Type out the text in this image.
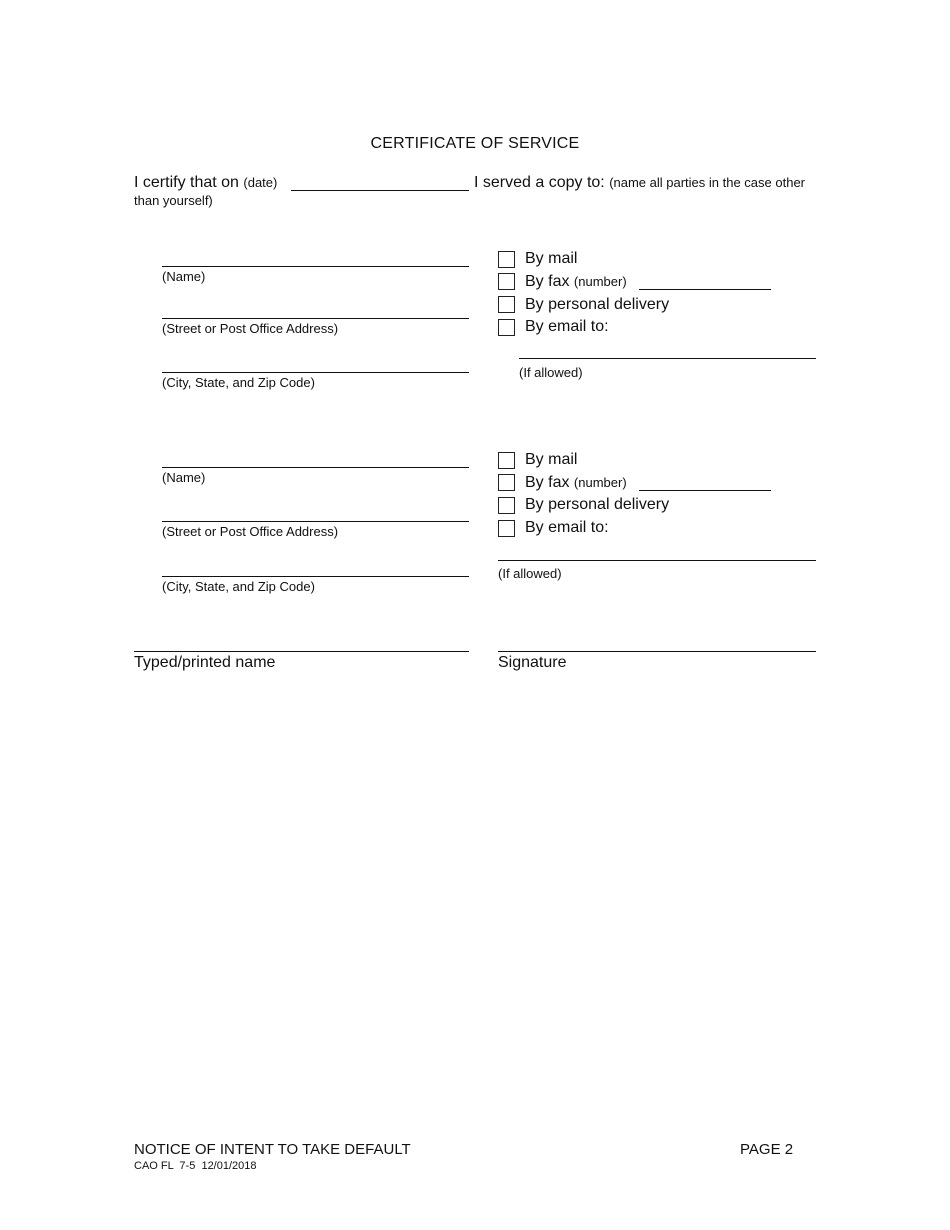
CERTIFICATE OF SERVICE
I certify that on (date)	I served a copy to: (name all parties in the case other
than yourself)
(Name)
(Street or Post Office Address)
(City, State, and Zip Code)
By mail
By fax (number)
By personal delivery
By email to:
(If allowed)
(Name)
(Street or Post Office Address)
(City, State, and Zip Code)
By mail
By fax (number)
By personal delivery
By email to:
(If allowed)
Typed/printed name	Signature
NOTICE OF INTENT TO TAKE DEFAULT
CAO FL  7-5  12/01/2018
PAGE 2
